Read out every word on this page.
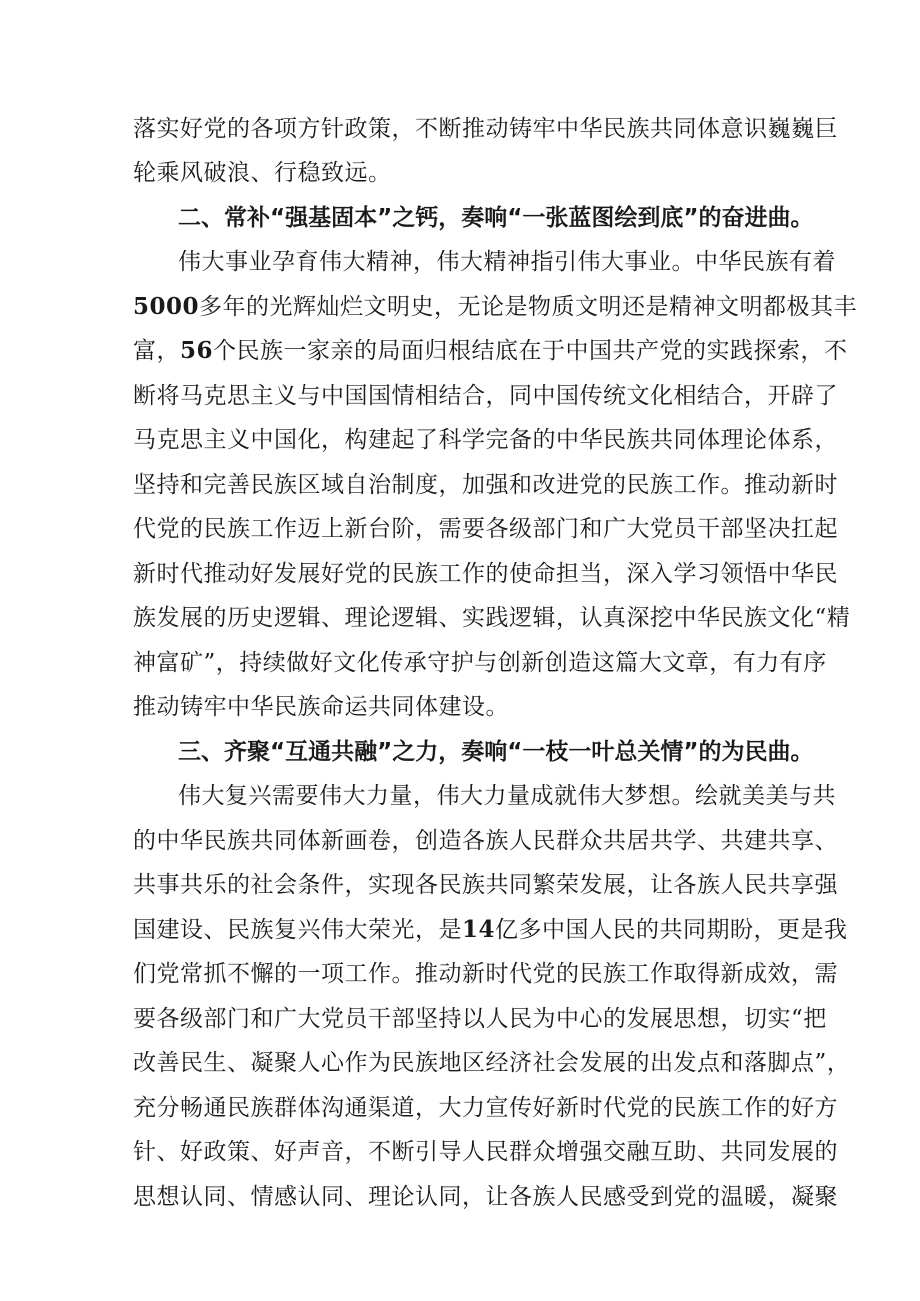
落实好党的各项方针政策，不断推动铸牢中华民族共同体意识巍巍巨
轮乘风破浪、行稳致远。
二、常补“强基固本”之钙，奏响“一张蓝图绘到底”的奋进曲。
伟大事业孕育伟大精神，伟大精神指引伟大事业。中华民族有着
5000多年的光辉灿烂文明史，无论是物质文明还是精神文明都极其丰
富，56个民族一家亲的局面归根结底在于中国共产党的实践探索，不
断将马克思主义与中国国情相结合，同中国传统文化相结合，开辟了
马克思主义中国化，构建起了科学完备的中华民族共同体理论体系，
坚持和完善民族区域自治制度，加强和改进党的民族工作。推动新时
代党的民族工作迈上新台阶，需要各级部门和广大党员干部坚决扛起
新时代推动好发展好党的民族工作的使命担当，深入学习领悟中华民
族发展的历史逻辑、理论逻辑、实践逻辑，认真深挖中华民族文化“精
神富矿”，持续做好文化传承守护与创新创造这篇大文章，有力有序
推动铸牢中华民族命运共同体建设。
三、齐聚“互通共融”之力，奏响“一枝一叶总关情”的为民曲。
伟大复兴需要伟大力量，伟大力量成就伟大梦想。绘就美美与共
的中华民族共同体新画卷，创造各族人民群众共居共学、共建共享、
共事共乐的社会条件，实现各民族共同繁荣发展，让各族人民共享强
国建设、民族复兴伟大荣光，是14亿多中国人民的共同期盼，更是我
们党常抓不懈的一项工作。推动新时代党的民族工作取得新成效，需
要各级部门和广大党员干部坚持以人民为中心的发展思想，切实“把
改善民生、凝聚人心作为民族地区经济社会发展的出发点和落脚点”，
充分畅通民族群体沟通渠道，大力宣传好新时代党的民族工作的好方
针、好政策、好声音，不断引导人民群众增强交融互助、共同发展的
思想认同、情感认同、理论认同，让各族人民感受到党的温暖，凝聚
